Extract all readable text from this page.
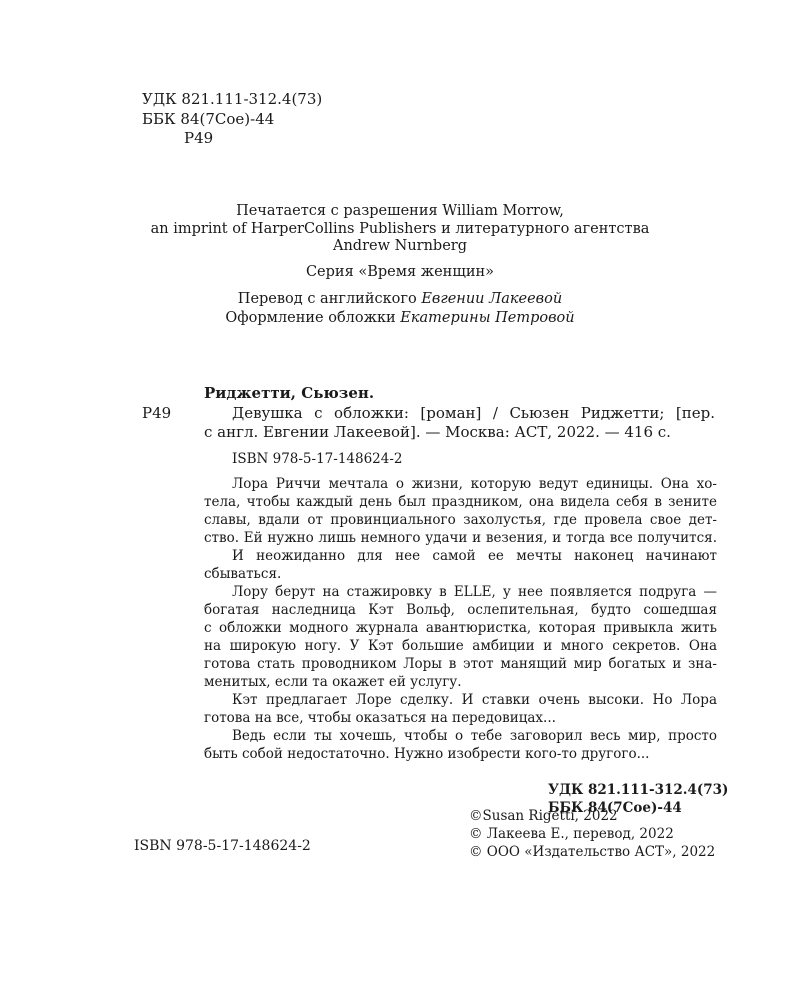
УДК 821.111-312.4(73)
ББК 84(7Сое)-44
Р49
Печатается с разрешения William Morrow,
an imprint of HarperCollins Publishers и литературного агентства
Andrew Nurnberg
Серия «Время женщин»
Перевод с английского Евгении Лакеевой
Оформление обложки Екатерины Петровой
Риджетти, Сьюзен.
Р49	Девушка с обложки: [роман] / Сьюзен Риджетти; [пер.
с англ. Евгении Лакеевой]. — Москва: АСТ, 2022. — 416 с.
ISBN 978-5-17-148624-2
Лора Риччи мечтала о жизни, которую ведут единицы. Она хо-
тела, чтобы каждый день был праздником, она видела себя в зените
славы, вдали от провинциального захолустья, где провела свое дет-
ство. Ей нужно лишь немного удачи и везения, и тогда все получится.
И неожиданно для нее самой ее мечты наконец начинают
сбываться.
Лору берут на стажировку в ELLE, у нее появляется подруга —
богатая наследница Кэт Вольф, ослепительная, будто сошедшая
с обложки модного журнала авантюристка, которая привыкла жить
на широкую ногу. У Кэт большие амбиции и много секретов. Она
готова стать проводником Лоры в этот манящий мир богатых и зна-
менитых, если та окажет ей услугу.
Кэт предлагает Лоре сделку. И ставки очень высоки. Но Лора
готова на все, чтобы оказаться на передовицах...
Ведь если ты хочешь, чтобы о тебе заговорил весь мир, просто
быть собой недостаточно. Нужно изобрести кого-то другого...
УДК 821.111-312.4(73)
ББК 84(7Сое)-44
ISBN 978-5-17-148624-2
©Susan Rigetti, 2022
© Лакеева Е., перевод, 2022
© ООО «Издательство АСТ», 2022
